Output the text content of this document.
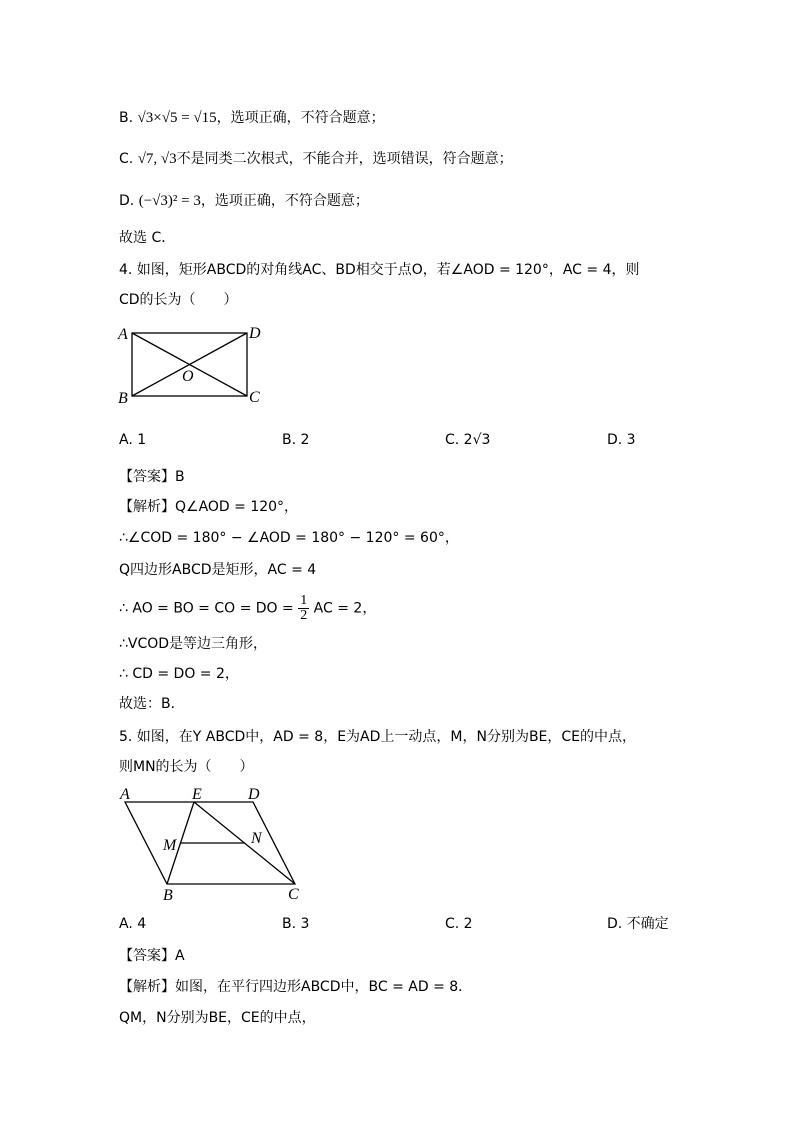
B. √3×√5 = √15，选项正确，不符合题意；
C. √7, √3不是同类二次根式，不能合并，选项错误，符合题意；
D. (−√3)² = 3，选项正确，不符合题意；
故选 C．
4. 如图，矩形ABCD的对角线AC、BD相交于点O，若∠AOD = 120°，AC = 4，则
CD的长为（　　）
A	D
O
B	C
A. 1	B. 2	C. 2√3	D. 3
【答案】B
【解析】Q∠AOD = 120°，
∴∠COD = 180° − ∠AOD = 180° − 120° = 60°，
Q四边形ABCD是矩形，AC = 4
∴ AO = BO = CO = DO = $\frac{1}{2}$ AC = 2，
∴VCOD是等边三角形，
∴ CD = DO = 2，
故选：B．
5. 如图，在Y ABCD中，AD = 8，E为AD上一动点，M，N分别为BE，CE的中点，
则MN的长为（　　）
A	E	D
M	N
B	C
A. 4	B. 3	C. 2	D. 不确定
【答案】A
【解析】如图，在平行四边形ABCD中，BC = AD = 8．
QM，N分别为BE，CE的中点，
